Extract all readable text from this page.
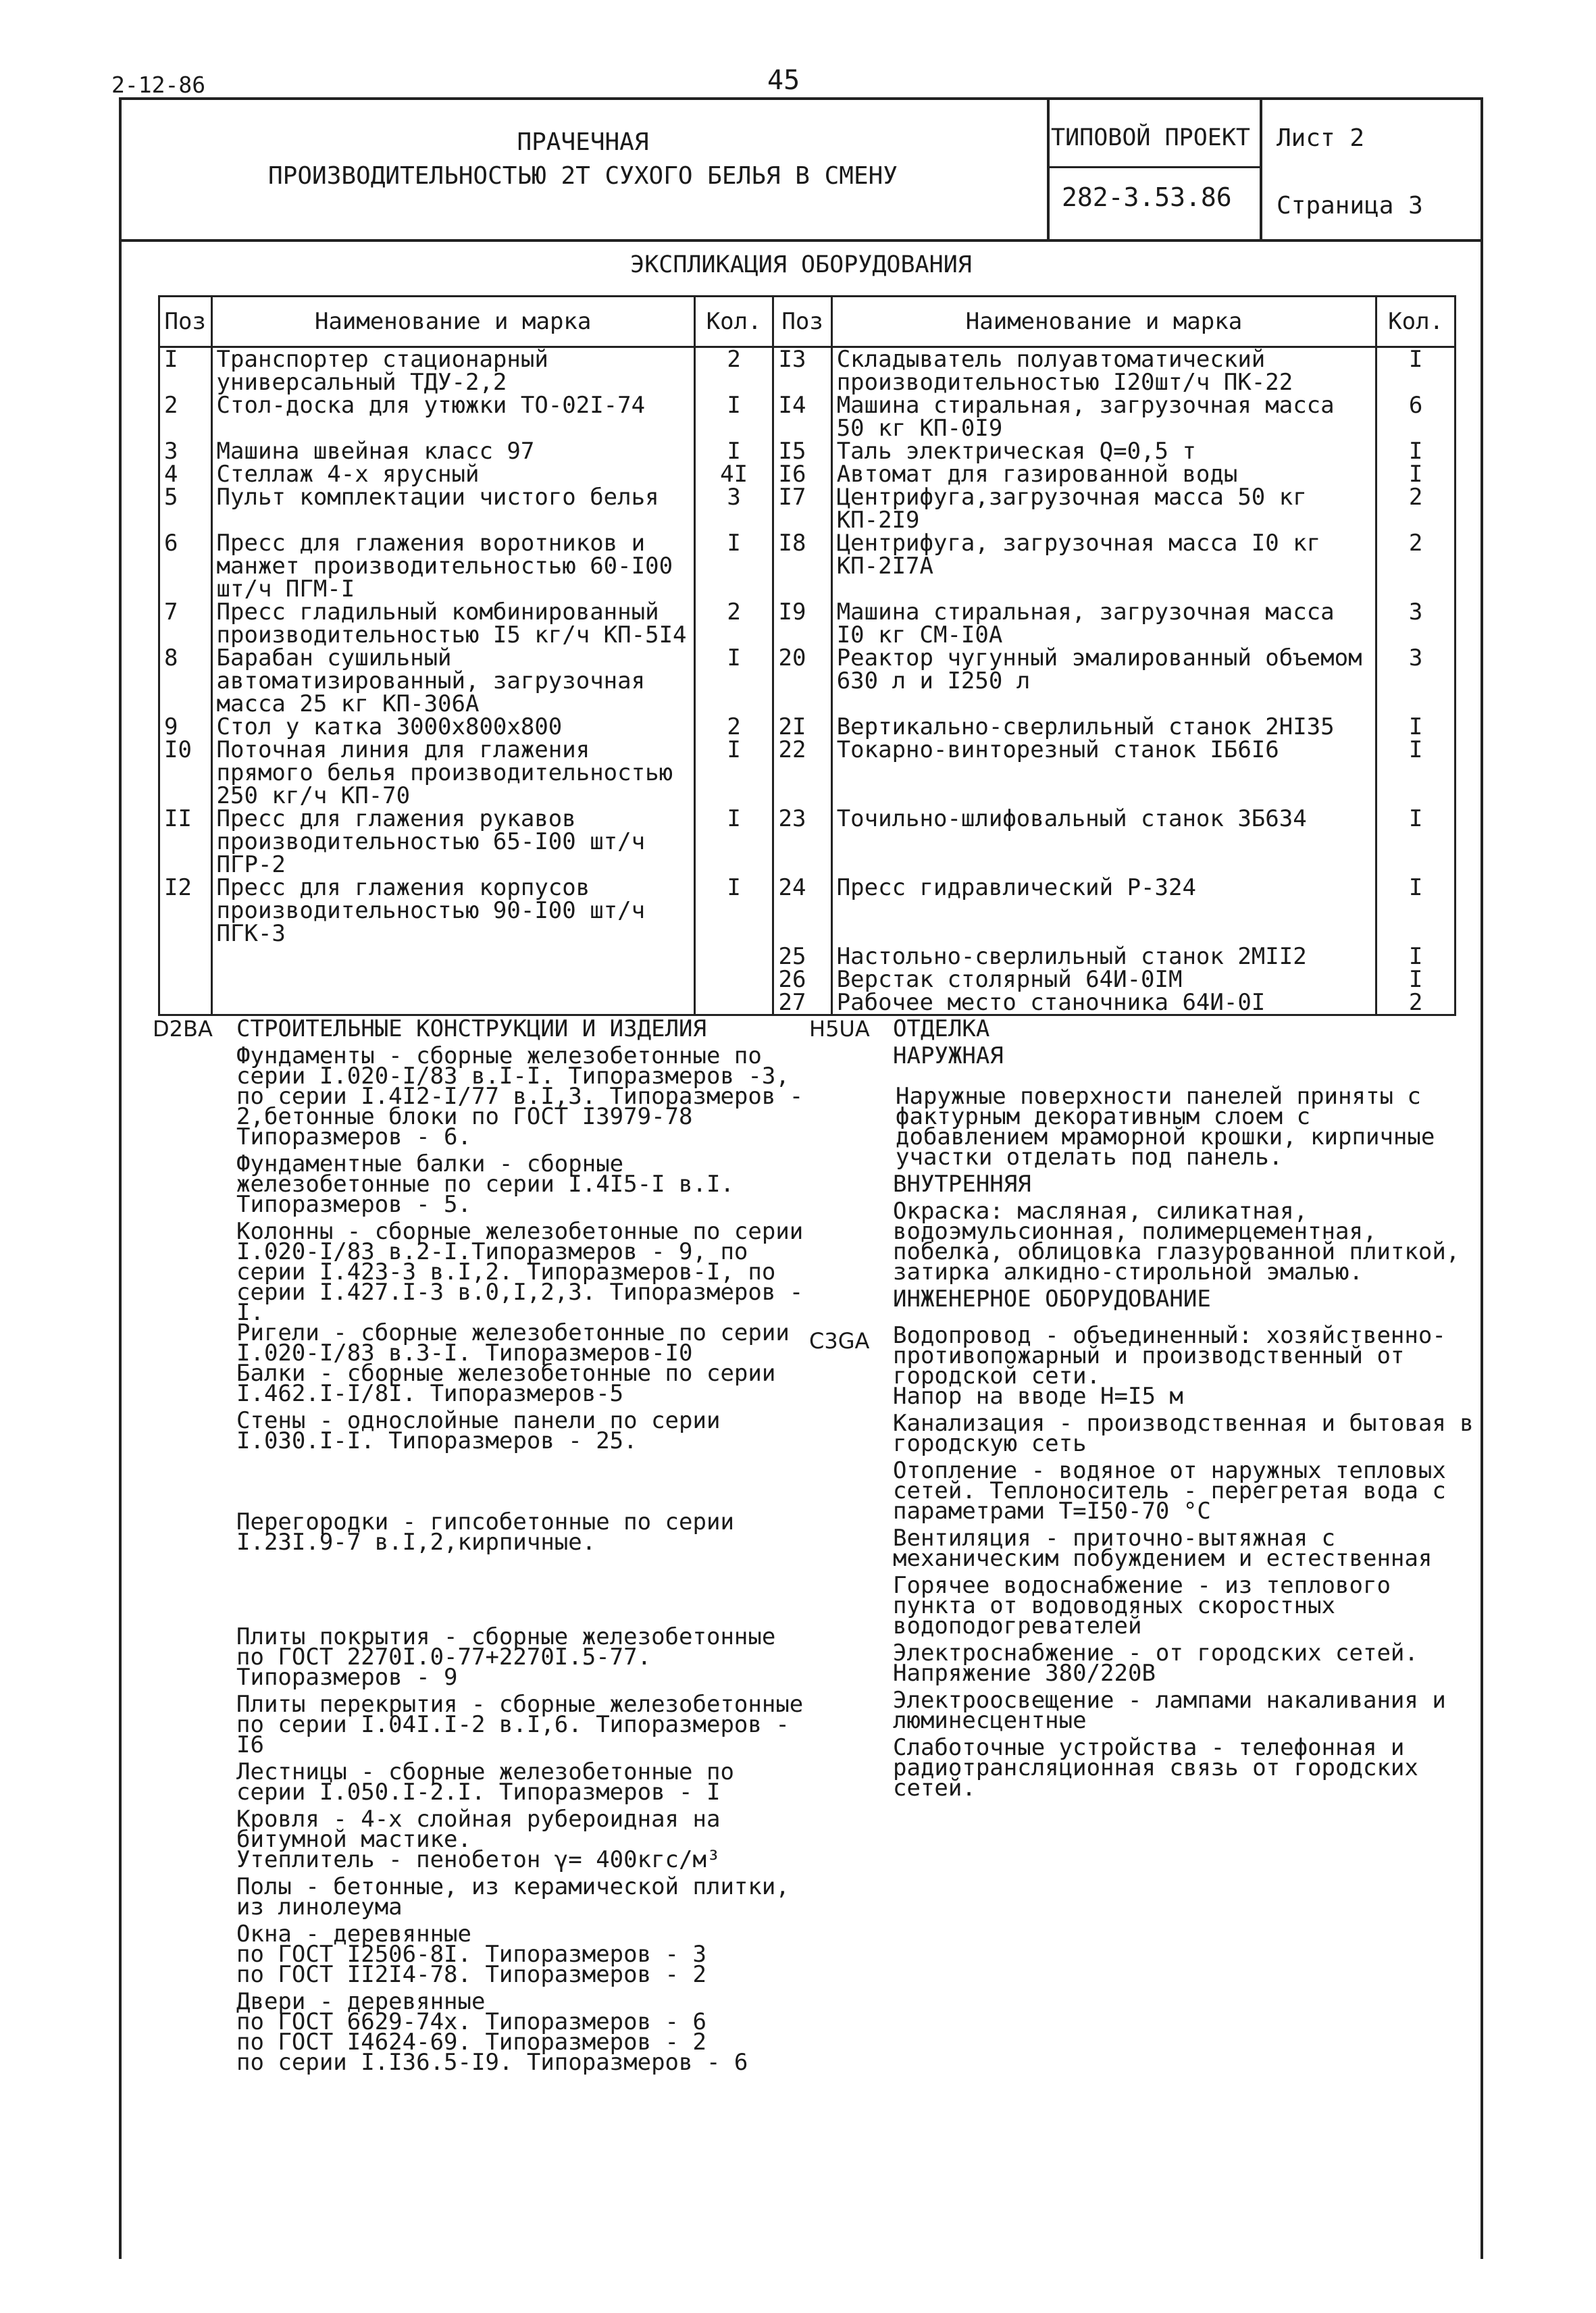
2-12-86	45
ПРАЧЕЧНАЯ
ПРОИЗВОДИТЕЛЬНОСТЬЮ 2Т СУХОГО БЕЛЬЯ В СМЕНУ
ТИПОВОЙ ПРОЕКТ
282-3.53.86
Лист 2
Страница 3
ЭКСПЛИКАЦИЯ ОБОРУДОВАНИЯ
Поз	Наименование и марка	Кол.	Поз	Наименование и марка	Кол.
I	Транспортер стационарный универсальный ТДУ-2,2	2	I3	Складыватель полуавтоматический производительностью I20шт/ч ПК-22	I
2	Стол-доска для утюжки ТО-02I-74	I	I4	Машина стиральная, загрузочная масса 50 кг КП-0I9	6
3	Машина швейная класс 97	I	I5	Таль электрическая Q=0,5 т	I
4	Стеллаж 4-х ярусный	4I	I6	Автомат для газированной воды	I
5	Пульт комплектации чистого белья	3	I7	Центрифуга,загрузочная масса 50 кг КП-2I9	2
6	Пресс для глажения воротников и манжет производительностью 60-I00 шт/ч ПГМ-I	I	I8	Центрифуга, загрузочная масса I0 кг КП-2I7А	2
7	Пресс гладильный комбинированный производительностью I5 кг/ч КП-5I4	2	I9	Машина стиральная, загрузочная масса I0 кг СМ-I0А	3
8	Барабан сушильный автоматизированный, загрузочная масса 25 кг КП-306А	I	20	Реактор чугунный эмалированный объемом 630 л и I250 л	3
9	Стол у катка 3000х800х800	2	2I	Вертикально-сверлильный станок 2НI35	I
I0	Поточная линия для глажения прямого белья производительностью 250 кг/ч КП-70	I	22	Токарно-винторезный станок IБ6I6	I
II	Пресс для глажения рукавов производительностью 65-I00 шт/ч ПГР-2	I	23	Точильно-шлифовальный станок 3Б634	I
I2	Пресс для глажения корпусов производительностью 90-I00 шт/ч ПГК-3	I	24	Пресс гидравлический Р-324	I
			25	Настольно-сверлильный станок 2МII2	I
			26	Верстак столярный 64И-0IМ	I
			27	Рабочее место станочника 64И-0I	2
D2BA СТРОИТЕЛЬНЫЕ КОНСТРУКЦИИ И ИЗДЕЛИЯ

Фундаменты - сборные железобетонные по серии I.020-I/83 в.I-I. Типоразмеров -3, по серии I.4I2-I/77 в.I,3. Типоразмеров - 2,бетонные блоки по ГОСТ I3979-78 Типоразмеров - 6.

Фундаментные балки - сборные железобетонные по серии I.4I5-I в.I. Типоразмеров - 5.

Колонны - сборные железобетонные по серии I.020-I/83 в.2-I.Типоразмеров - 9, по серии I.423-3 в.I,2. Типоразмеров-I, по серии I.427.I-3 в.0,I,2,3. Типоразмеров - I.

Ригели - сборные железобетонные по серии I.020-I/83 в.3-I. Типоразмеров-I0

Балки - сборные железобетонные по серии I.462.I-I/8I. Типоразмеров-5

Стены - однослойные панели по серии I.030.I-I. Типоразмеров - 25.

Перегородки - гипсобетонные по серии I.23I.9-7 в.I,2,кирпичные.

Плиты покрытия - сборные железобетонные по ГОСТ 2270I.0-77+2270I.5-77. Типоразмеров - 9

Плиты перекрытия - сборные железобетонные по серии I.04I.I-2 в.I,6. Типоразмеров - I6

Лестницы - сборные железобетонные по серии I.050.I-2.I. Типоразмеров - I

Кровля - 4-х слойная рубероидная на битумной мастике.

Утеплитель - пенобетон γ= 400кгс/м³

Полы - бетонные, из керамической плитки, из линолеума

Окна - деревянные
по ГОСТ I2506-8I. Типоразмеров - 3
по ГОСТ II2I4-78. Типоразмеров - 2

Двери - деревянные
по ГОСТ 6629-74х. Типоразмеров - 6
по ГОСТ I4624-69. Типоразмеров - 2
по серии I.I36.5-I9. Типоразмеров - 6

H5UA
C3GA

ОТДЕЛКА

НАРУЖНАЯ

Наружные поверхности панелей приняты с фактурным декоративным слоем с добавлением мраморной крошки, кирпичные участки отделать под панель.

ВНУТРЕННЯЯ

Окраска: масляная, силикатная, водоэмульсионная, полимерцементная, побелка, облицовка глазурованной плиткой, затирка алкидно-стирольной эмалью.

ИНЖЕНЕРНОЕ ОБОРУДОВАНИЕ

Водопровод - объединенный: хозяйственно-противопожарный и производственный от городской сети.

Напор на вводе Н=I5 м

Канализация - производственная и бытовая в городскую сеть

Отопление - водяное от наружных тепловых сетей. Теплоноситель - перегретая вода с параметрами Т=I50-70 °С

Вентиляция - приточно-вытяжная с механическим побуждением и естественная

Горячее водоснабжение - из теплового пункта от водоводяных скоростных водоподогревателей

Электроснабжение - от городских сетей. Напряжение 380/220В

Электроосвещение - лампами накаливания и люминесцентные

Слаботочные устройства - телефонная и радиотрансляционная связь от городских сетей.
